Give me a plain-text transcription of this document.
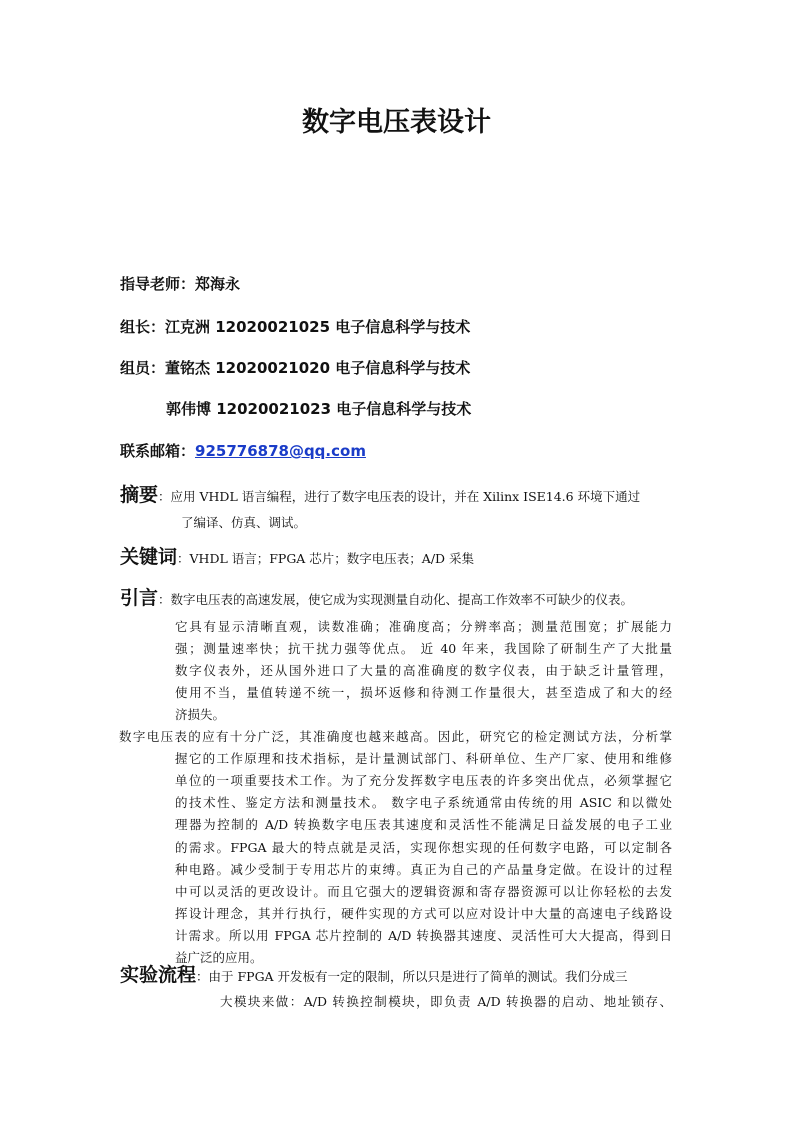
数字电压表设计
指导老师：郑海永
组长：江克洲 12020021025 电子信息科学与技术
组员：董铭杰 12020021020 电子信息科学与技术
郭伟博 12020021023 电子信息科学与技术
联系邮箱：925776878@qq.com
摘要：应用 VHDL 语言编程，进行了数字电压表的设计，并在 Xilinx ISE14.6 环境下通过
了编译、仿真、调试。
关键词：VHDL 语言；FPGA 芯片；数字电压表；A/D 采集
引言：数字电压表的高速发展，使它成为实现测量自动化、提高工作效率不可缺少的仪表。
它具有显示清晰直观，读数准确；准确度高；分辨率高；测量范围宽；扩展能力
强；测量速率快；抗干扰力强等优点。 近 40 年来，我国除了研制生产了大批量
数字仪表外，还从国外进口了大量的高准确度的数字仪表，由于缺乏计量管理，
使用不当，量值转递不统一，损坏返修和待测工作量很大，甚至造成了和大的经
济损失。
数字电压表的应有十分广泛，其准确度也越来越高。因此，研究它的检定测试方法，分析掌
握它的工作原理和技术指标，是计量测试部门、科研单位、生产厂家、使用和维修
单位的一项重要技术工作。为了充分发挥数字电压表的许多突出优点，必须掌握它
的技术性、鉴定方法和测量技术。 数字电子系统通常由传统的用 ASIC 和以微处
理器为控制的 A/D 转换数字电压表其速度和灵活性不能满足日益发展的电子工业
的需求。FPGA 最大的特点就是灵活，实现你想实现的任何数字电路，可以定制各
种电路。减少受制于专用芯片的束缚。真正为自己的产品量身定做。在设计的过程
中可以灵活的更改设计。而且它强大的逻辑资源和寄存器资源可以让你轻松的去发
挥设计理念，其并行执行，硬件实现的方式可以应对设计中大量的高速电子线路设
计需求。所以用 FPGA 芯片控制的 A/D 转换器其速度、灵活性可大大提高，得到日
益广泛的应用。
实验流程：由于 FPGA 开发板有一定的限制，所以只是进行了简单的测试。我们分成三
大模块来做：A/D 转换控制模块，即负责 A/D 转换器的启动、地址锁存、
